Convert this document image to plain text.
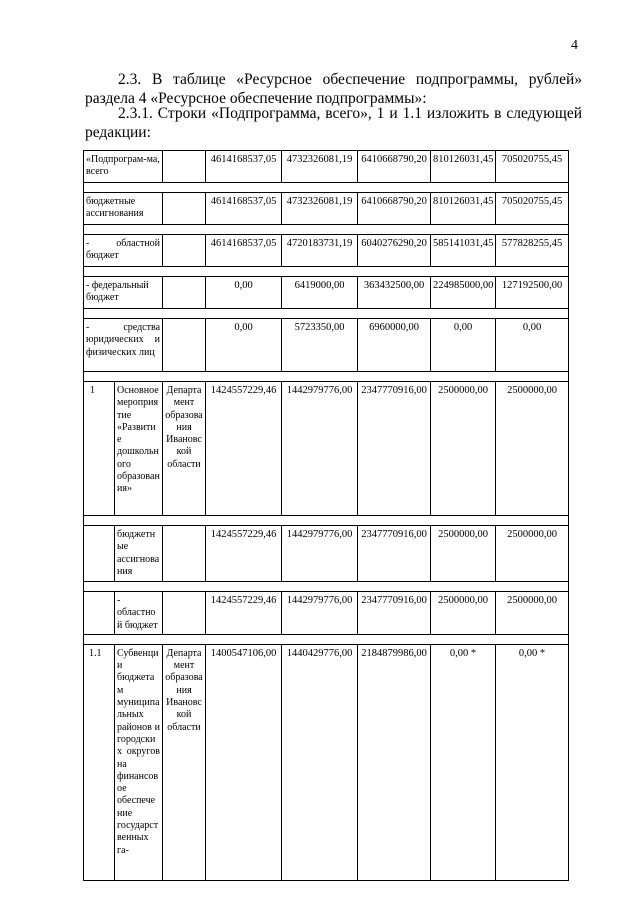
4
2.3. В таблице «Ресурсное обеспечение подпрограммы, рублей»
раздела 4 «Ресурсное обеспечение подпрограммы»:
2.3.1. Строки «Подпрограмма, всего», 1 и 1.1 изложить в следующей
редакции:
«Подпрограм-ма, всего			4614168537,05	4732326081,19	6410668790,20	810126031,45	705020755,45

бюджетные ассигнования			4614168537,05	4732326081,19	6410668790,20	810126031,45	705020755,45

- областной бюджет			4614168537,05	4720183731,19	6040276290,20	585141031,45	577828255,45

- федеральный бюджет			0,00	6419000,00	363432500,00	224985000,00	127192500,00

- средства юридических и физических лиц			0,00	5723350,00	6960000,00	0,00	0,00

1	Основное мероприятие «Развитие дошкольного образования»	Департамент образования Ивановской области	1424557229,46	1442979776,00	2347770916,00	2500000,00	2500000,00

	бюджетные ассигнования		1424557229,46	1442979776,00	2347770916,00	2500000,00	2500000,00

	- областной бюджет		1424557229,46	1442979776,00	2347770916,00	2500000,00	2500000,00

1.1	Субвенции бюджетам муниципальных районов и городских округов на финансовое обеспечение государственных га-	Департамент образования Ивановской области	1400547106,00	1440429776,00	2184879986,00	0,00 *	0,00 *
